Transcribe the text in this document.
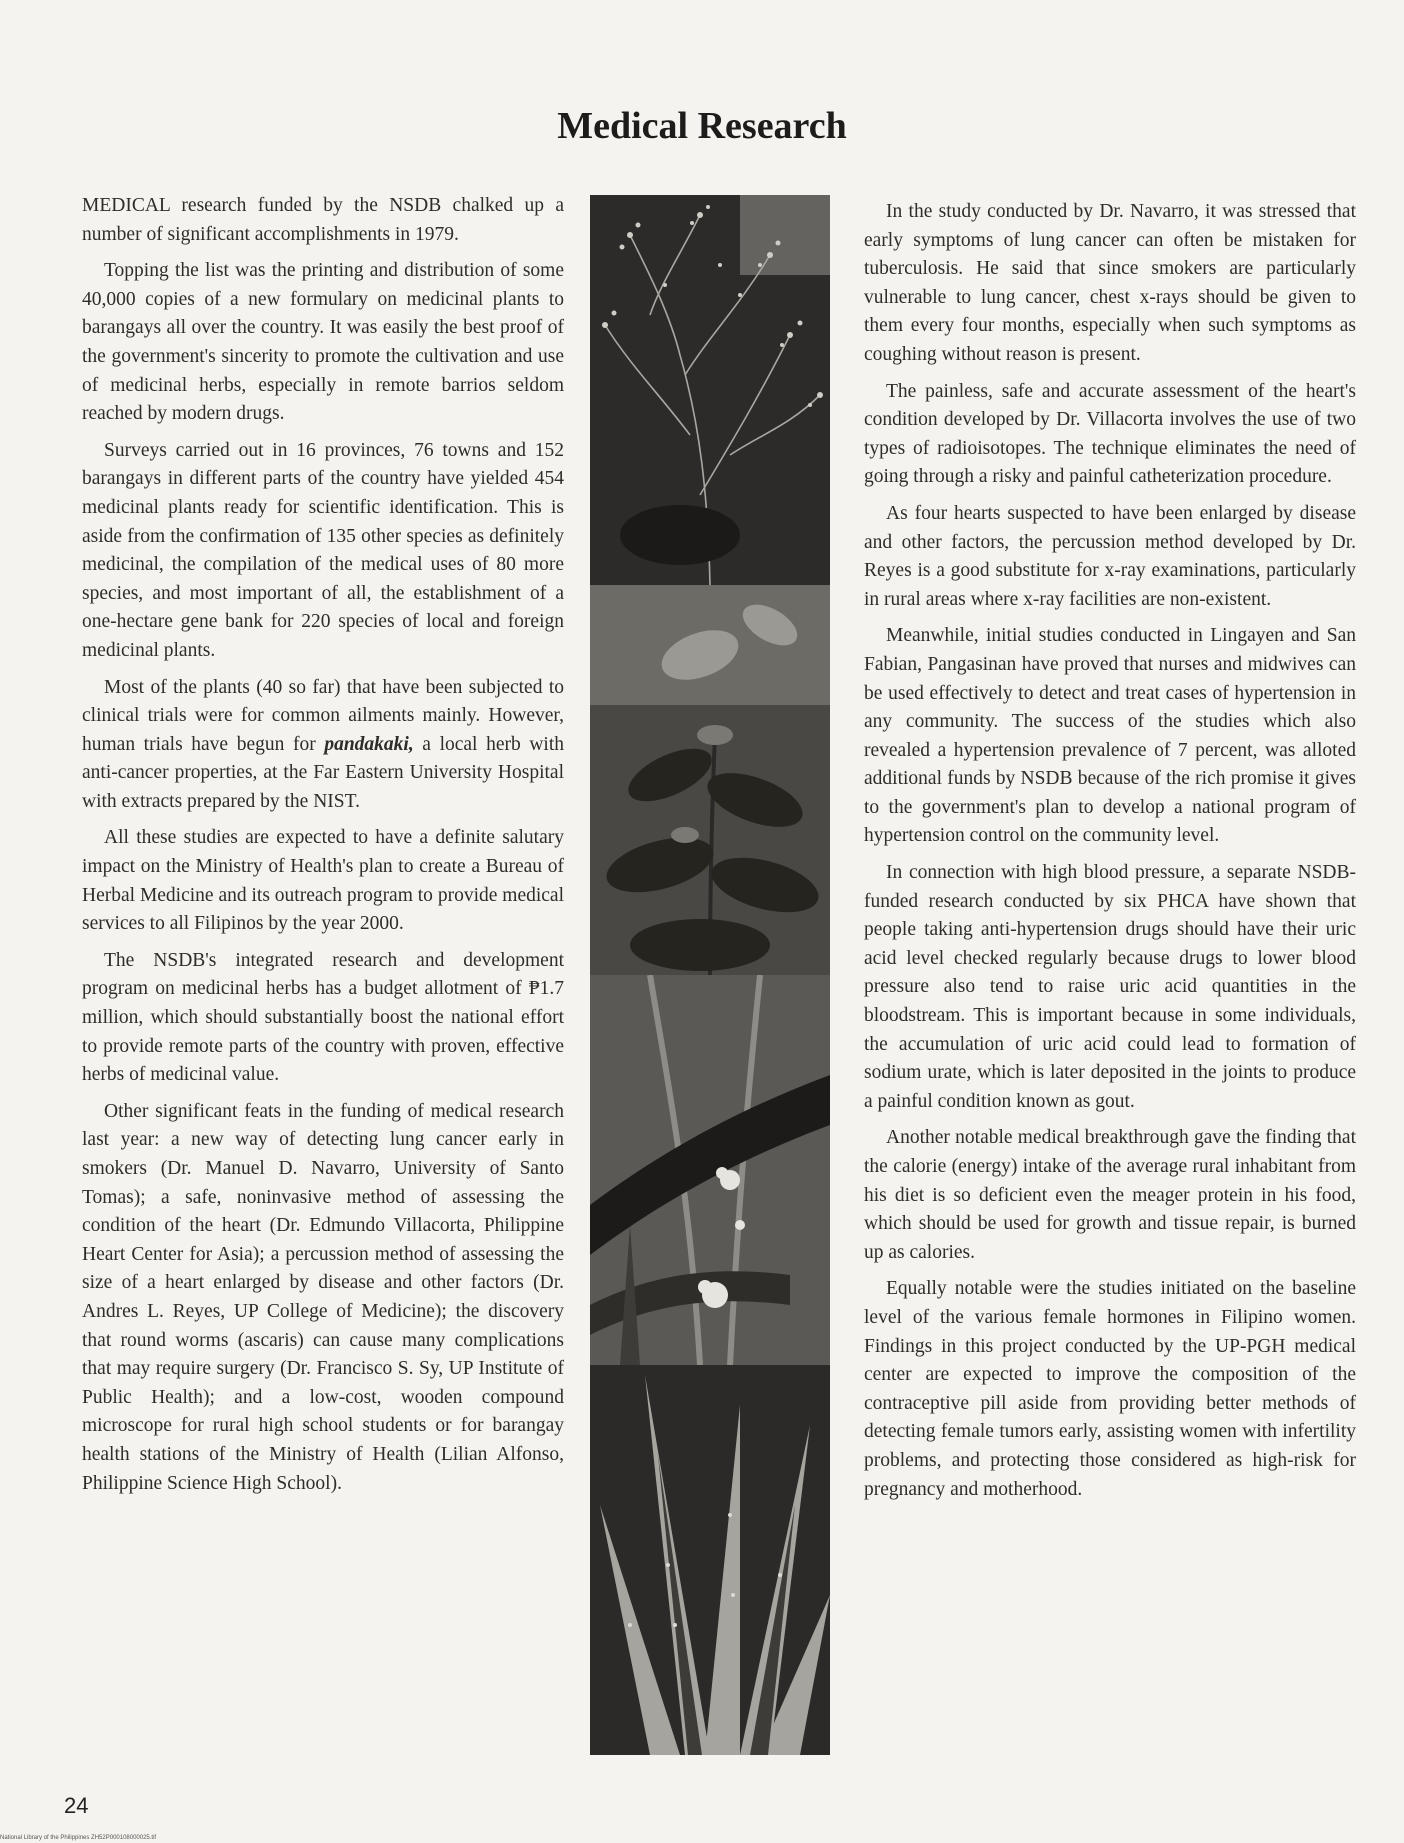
Medical Research

MEDICAL research funded by the NSDB chalked up a number of significant accomplishments in 1979.

Topping the list was the printing and distribution of some 40,000 copies of a new formulary on medicinal plants to barangays all over the country. It was easily the best proof of the government's sincerity to promote the cultivation and use of medicinal herbs, especially in remote barrios seldom reached by modern drugs.

Surveys carried out in 16 provinces, 76 towns and 152 barangays in different parts of the country have yielded 454 medicinal plants ready for scientific identification. This is aside from the confirmation of 135 other species as definitely medicinal, the compilation of the medical uses of 80 more species, and most important of all, the establishment of a one-hectare gene bank for 220 species of local and foreign medicinal plants.

Most of the plants (40 so far) that have been subjected to clinical trials were for common ailments mainly. However, human trials have begun for pandakaki, a local herb with anti-cancer properties, at the Far Eastern University Hospital with extracts prepared by the NIST.

All these studies are expected to have a definite salutary impact on the Ministry of Health's plan to create a Bureau of Herbal Medicine and its outreach program to provide medical services to all Filipinos by the year 2000.

The NSDB's integrated research and development program on medicinal herbs has a budget allotment of ₱1.7 million, which should substantially boost the national effort to provide remote parts of the country with proven, effective herbs of medicinal value.

Other significant feats in the funding of medical research last year: a new way of detecting lung cancer early in smokers (Dr. Manuel D. Navarro, University of Santo Tomas); a safe, noninvasive method of assessing the condition of the heart (Dr. Edmundo Villacorta, Philippine Heart Center for Asia); a percussion method of assessing the size of a heart enlarged by disease and other factors (Dr. Andres L. Reyes, UP College of Medicine); the discovery that round worms (ascaris) can cause many complications that may require surgery (Dr. Francisco S. Sy, UP Institute of Public Health); and a low-cost, wooden compound microscope for rural high school students or for barangay health stations of the Ministry of Health (Lilian Alfonso, Philippine Science High School).

In the study conducted by Dr. Navarro, it was stressed that early symptoms of lung cancer can often be mistaken for tuberculosis. He said that since smokers are particularly vulnerable to lung cancer, chest x-rays should be given to them every four months, especially when such symptoms as coughing without reason is present.

The painless, safe and accurate assessment of the heart's condition developed by Dr. Villacorta involves the use of two types of radioisotopes. The technique eliminates the need of going through a risky and painful catheterization procedure.

As four hearts suspected to have been enlarged by disease and other factors, the percussion method developed by Dr. Reyes is a good substitute for x-ray examinations, particularly in rural areas where x-ray facilities are non-existent.

Meanwhile, initial studies conducted in Lingayen and San Fabian, Pangasinan have proved that nurses and midwives can be used effectively to detect and treat cases of hypertension in any community. The success of the studies which also revealed a hypertension prevalence of 7 percent, was alloted additional funds by NSDB because of the rich promise it gives to the government's plan to develop a national program of hypertension control on the community level.

In connection with high blood pressure, a separate NSDB-funded research conducted by six PHCA have shown that people taking anti-hypertension drugs should have their uric acid level checked regularly because drugs to lower blood pressure also tend to raise uric acid quantities in the bloodstream. This is important because in some individuals, the accumulation of uric acid could lead to formation of sodium urate, which is later deposited in the joints to produce a painful condition known as gout.

Another notable medical breakthrough gave the finding that the calorie (energy) intake of the average rural inhabitant from his diet is so deficient even the meager protein in his food, which should be used for growth and tissue repair, is burned up as calories.

Equally notable were the studies initiated on the baseline level of the various female hormones in Filipino women. Findings in this project conducted by the UP-PGH medical center are expected to improve the composition of the contraceptive pill aside from providing better methods of detecting female tumors early, assisting women with infertility problems, and protecting those considered as high-risk for pregnancy and motherhood.

24
National Library of the Philippines ZH52P000108000025.tif
